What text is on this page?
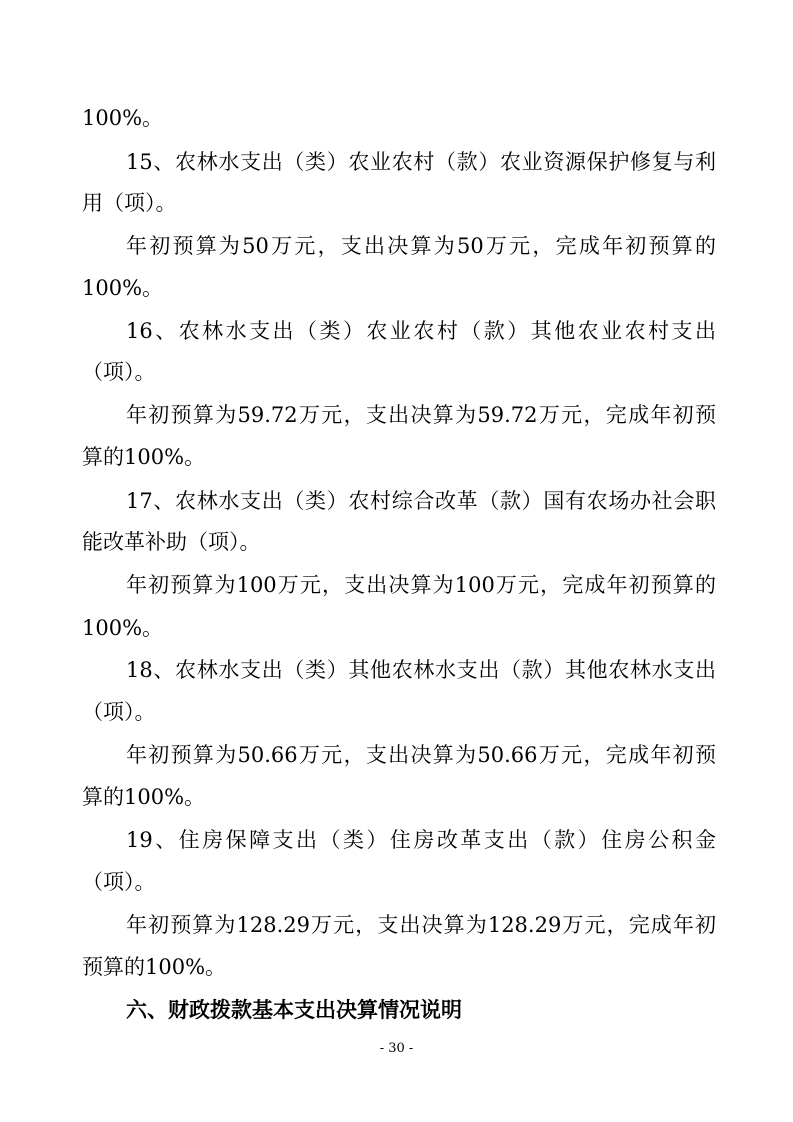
100%。
15、农林水支出（类）农业农村（款）农业资源保护修复与利
用（项）。
年初预算为50万元，支出决算为50万元，完成年初预算的
100%。
16、农林水支出（类）农业农村（款）其他农业农村支出
（项）。
年初预算为59.72万元，支出决算为59.72万元，完成年初预
算的100%。
17、农林水支出（类）农村综合改革（款）国有农场办社会职
能改革补助（项）。
年初预算为100万元，支出决算为100万元，完成年初预算的
100%。
18、农林水支出（类）其他农林水支出（款）其他农林水支出
（项）。
年初预算为50.66万元，支出决算为50.66万元，完成年初预
算的100%。
19、住房保障支出（类）住房改革支出（款）住房公积金
（项）。
年初预算为128.29万元，支出决算为128.29万元，完成年初
预算的100%。
六、财政拨款基本支出决算情况说明
- 30 -
